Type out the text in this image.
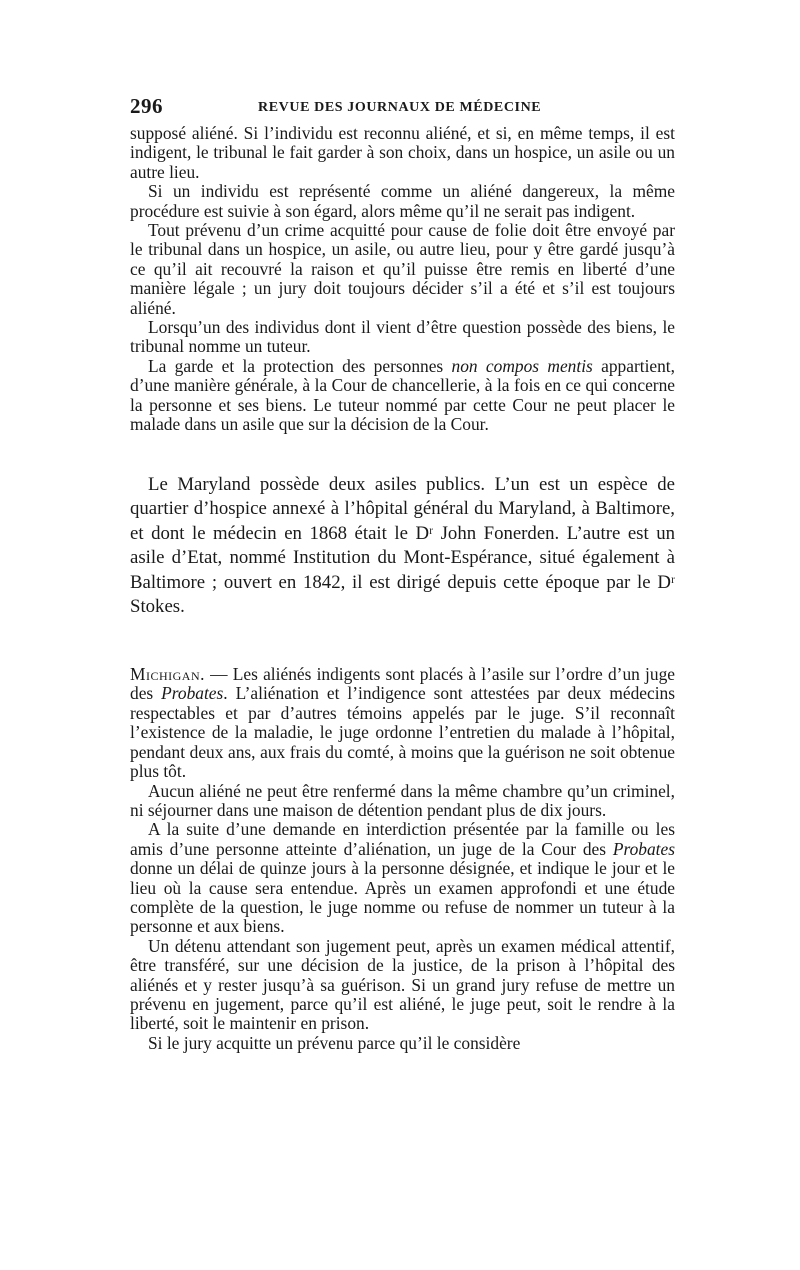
296	REVUE DES JOURNAUX DE MÉDECINE

supposé aliéné. Si l’individu est reconnu aliéné, et si, en même temps, il est indigent, le tribunal le fait garder à son choix, dans un hospice, un asile ou un autre lieu.

Si un individu est représenté comme un aliéné dangereux, la même procédure est suivie à son égard, alors même qu’il ne serait pas indigent.

Tout prévenu d’un crime acquitté pour cause de folie doit être envoyé par le tribunal dans un hospice, un asile, ou autre lieu, pour y être gardé jusqu’à ce qu’il ait recouvré la raison et qu’il puisse être remis en liberté d’une manière légale ; un jury doit toujours décider s’il a été et s’il est toujours aliéné.

Lorsqu’un des individus dont il vient d’être question possède des biens, le tribunal nomme un tuteur.

La garde et la protection des personnes non compos mentis appartient, d’une manière générale, à la Cour de chancellerie, à la fois en ce qui concerne la personne et ses biens. Le tuteur nommé par cette Cour ne peut placer le malade dans un asile que sur la décision de la Cour.

Le Maryland possède deux asiles publics. L’un est un espèce de quartier d’hospice annexé à l’hôpital général du Maryland, à Baltimore, et dont le médecin en 1868 était le Dʳ John Fonerden. L’autre est un asile d’Etat, nommé Institution du Mont-Espérance, situé également à Baltimore ; ouvert en 1842, il est dirigé depuis cette époque par le Dʳ Stokes.

Michigan. — Les aliénés indigents sont placés à l’asile sur l’ordre d’un juge des Probates. L’aliénation et l’indigence sont attestées par deux médecins respectables et par d’autres témoins appelés par le juge. S’il reconnaît l’existence de la maladie, le juge ordonne l’entretien du malade à l’hôpital, pendant deux ans, aux frais du comté, à moins que la guérison ne soit obtenue plus tôt.

Aucun aliéné ne peut être renfermé dans la même chambre qu’un criminel, ni séjourner dans une maison de détention pendant plus de dix jours.

A la suite d’une demande en interdiction présentée par la famille ou les amis d’une personne atteinte d’aliénation, un juge de la Cour des Probates donne un délai de quinze jours à la personne désignée, et indique le jour et le lieu où la cause sera entendue. Après un examen approfondi et une étude complète de la question, le juge nomme ou refuse de nommer un tuteur à la personne et aux biens.

Un détenu attendant son jugement peut, après un examen médical attentif, être transféré, sur une décision de la justice, de la prison à l’hôpital des aliénés et y rester jusqu’à sa guérison. Si un grand jury refuse de mettre un prévenu en jugement, parce qu’il est aliéné, le juge peut, soit le rendre à la liberté, soit le maintenir en prison.

Si le jury acquitte un prévenu parce qu’il le considère
